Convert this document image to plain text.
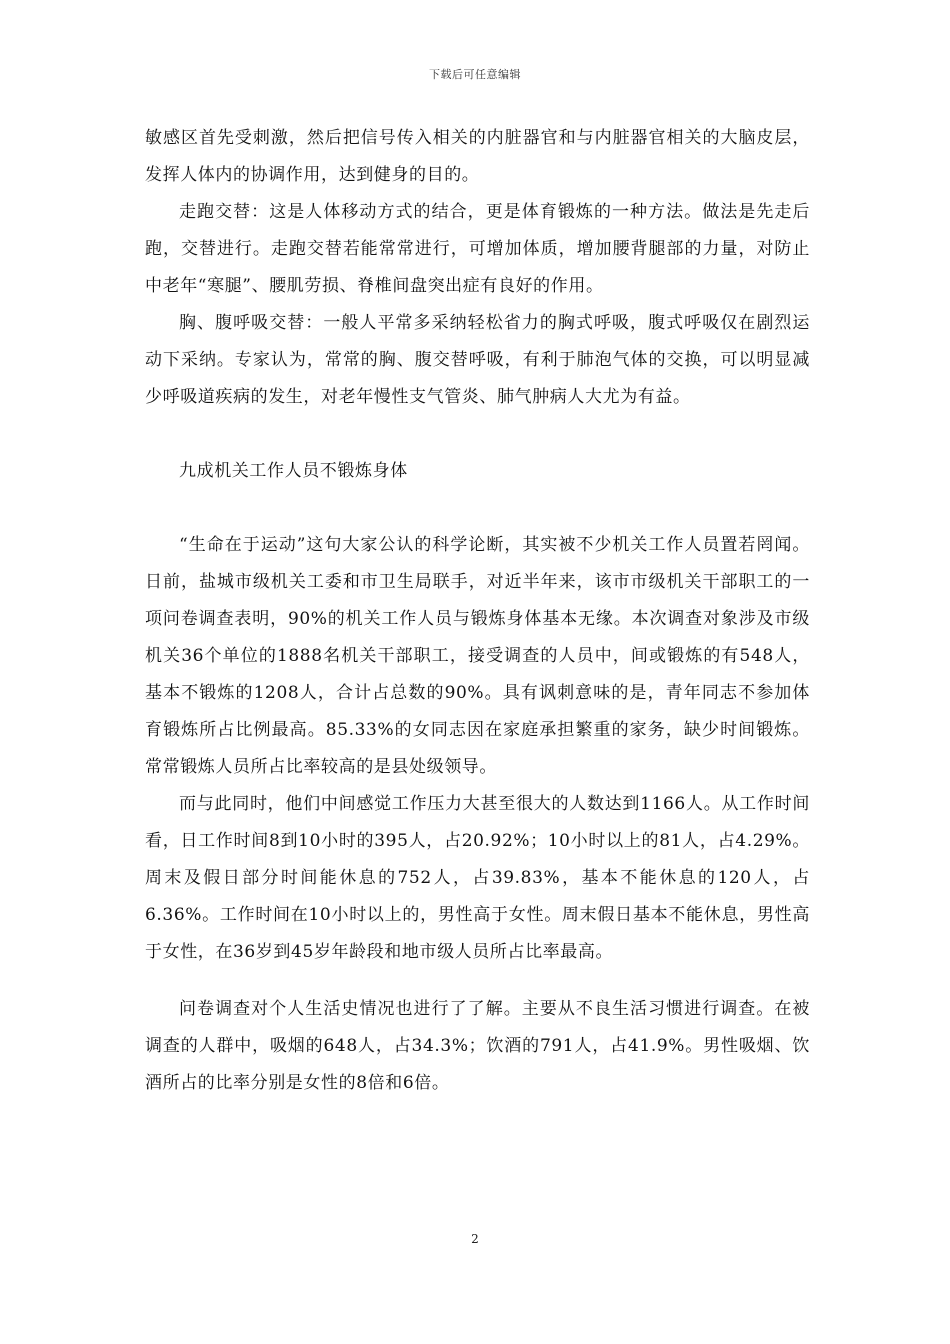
下载后可任意编辑

敏感区首先受刺激，然后把信号传入相关的内脏器官和与内脏器官相关的大脑皮层，发挥人体内的协调作用，达到健身的目的。

走跑交替：这是人体移动方式的结合，更是体育锻炼的一种方法。做法是先走后跑，交替进行。走跑交替若能常常进行，可增加体质，增加腰背腿部的力量，对防止中老年“寒腿”、腰肌劳损、脊椎间盘突出症有良好的作用。

胸、腹呼吸交替：一般人平常多采纳轻松省力的胸式呼吸，腹式呼吸仅在剧烈运动下采纳。专家认为，常常的胸、腹交替呼吸，有利于肺泡气体的交换，可以明显减少呼吸道疾病的发生，对老年慢性支气管炎、肺气肿病人大尤为有益。

九成机关工作人员不锻炼身体

“生命在于运动”这句大家公认的科学论断，其实被不少机关工作人员置若罔闻。日前，盐城市级机关工委和市卫生局联手，对近半年来，该市市级机关干部职工的一项问卷调查表明，90%的机关工作人员与锻炼身体基本无缘。本次调查对象涉及市级机关36个单位的1888名机关干部职工，接受调查的人员中，间或锻炼的有548人，基本不锻炼的1208人，合计占总数的90%。具有讽刺意味的是，青年同志不参加体育锻炼所占比例最高。85.33%的女同志因在家庭承担繁重的家务，缺少时间锻炼。常常锻炼人员所占比率较高的是县处级领导。

而与此同时，他们中间感觉工作压力大甚至很大的人数达到1166人。从工作时间看，日工作时间8到10小时的395人，占20.92%；10小时以上的81人，占4.29%。周末及假日部分时间能休息的752人，占39.83%，基本不能休息的120人，占6.36%。工作时间在10小时以上的，男性高于女性。周末假日基本不能休息，男性高于女性，在36岁到45岁年龄段和地市级人员所占比率最高。

问卷调查对个人生活史情况也进行了了解。主要从不良生活习惯进行调查。在被调查的人群中，吸烟的648人，占34.3%；饮酒的791人，占41.9%。男性吸烟、饮酒所占的比率分别是女性的8倍和6倍。

2
